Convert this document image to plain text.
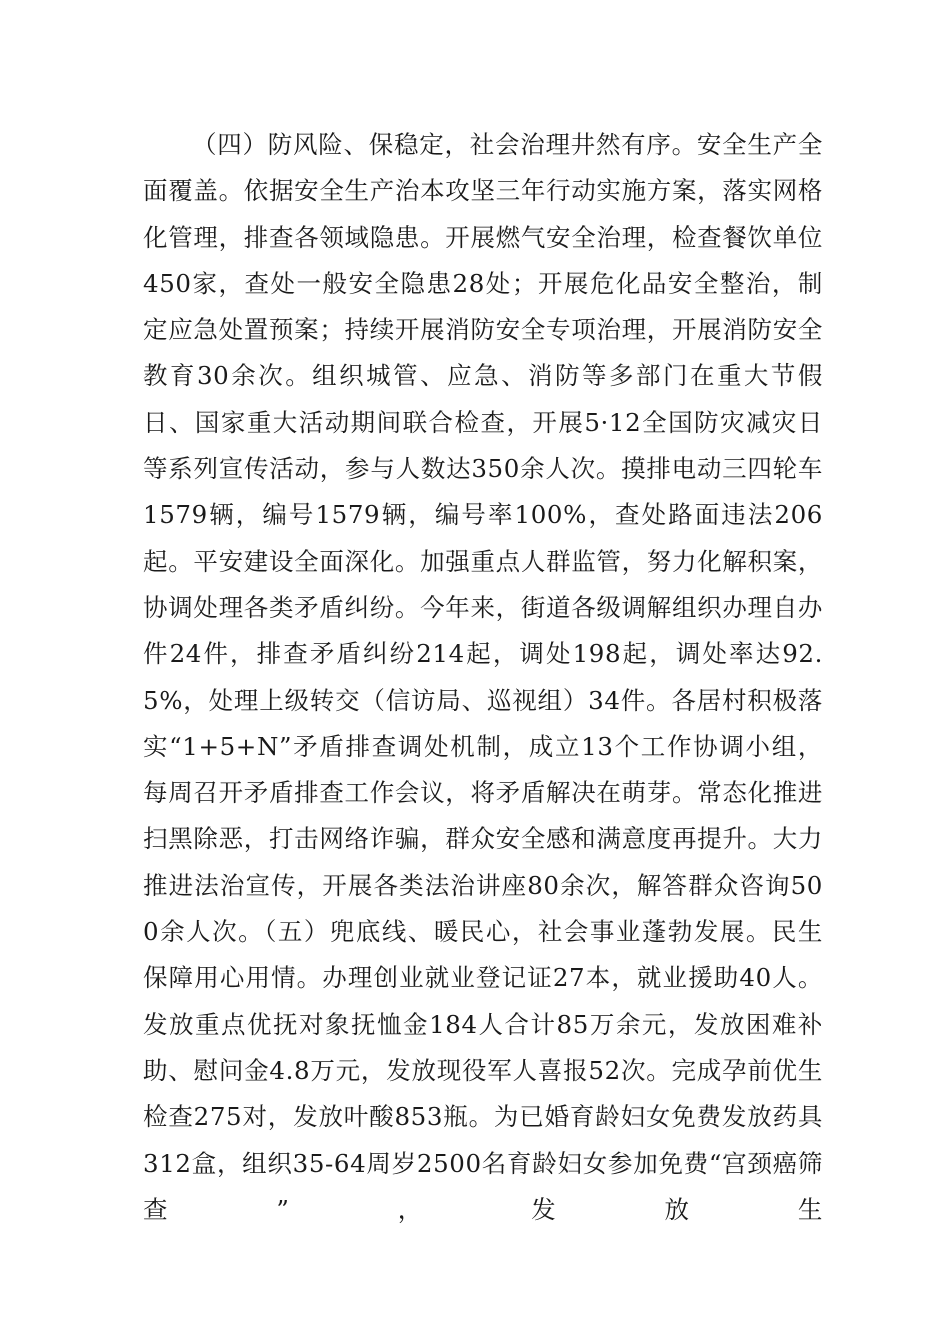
（四）防风险、保稳定，社会治理井然有序。安全生产全面覆盖。依据安全生产治本攻坚三年行动实施方案，落实网格化管理，排查各领域隐患。开展燃气安全治理，检查餐饮单位450家，查处一般安全隐患28处；开展危化品安全整治，制定应急处置预案；持续开展消防安全专项治理，开展消防安全教育30余次。组织城管、应急、消防等多部门在重大节假日、国家重大活动期间联合检查，开展5·12全国防灾减灾日等系列宣传活动，参与人数达350余人次。摸排电动三四轮车1579辆，编号1579辆，编号率100%，查处路面违法206起。平安建设全面深化。加强重点人群监管，努力化解积案，协调处理各类矛盾纠纷。今年来，街道各级调解组织办理自办件24件，排查矛盾纠纷214起，调处198起，调处率达92.5%，处理上级转交（信访局、巡视组）34件。各居村积极落实“1+5+N”矛盾排查调处机制，成立13个工作协调小组，每周召开矛盾排查工作会议，将矛盾解决在萌芽。常态化推进扫黑除恶，打击网络诈骗，群众安全感和满意度再提升。大力推进法治宣传，开展各类法治讲座80余次，解答群众咨询500余人次。（五）兜底线、暖民心，社会事业蓬勃发展。民生保障用心用情。办理创业就业登记证27本，就业援助40人。发放重点优抚对象抚恤金184人合计85万余元，发放困难补助、慰问金4.8万元，发放现役军人喜报52次。完成孕前优生检查275对，发放叶酸853瓶。为已婚育龄妇女免费发放药具312盒，组织35-64周岁2500名育龄妇女参加免费“宫颈癌筛查”，发放生
